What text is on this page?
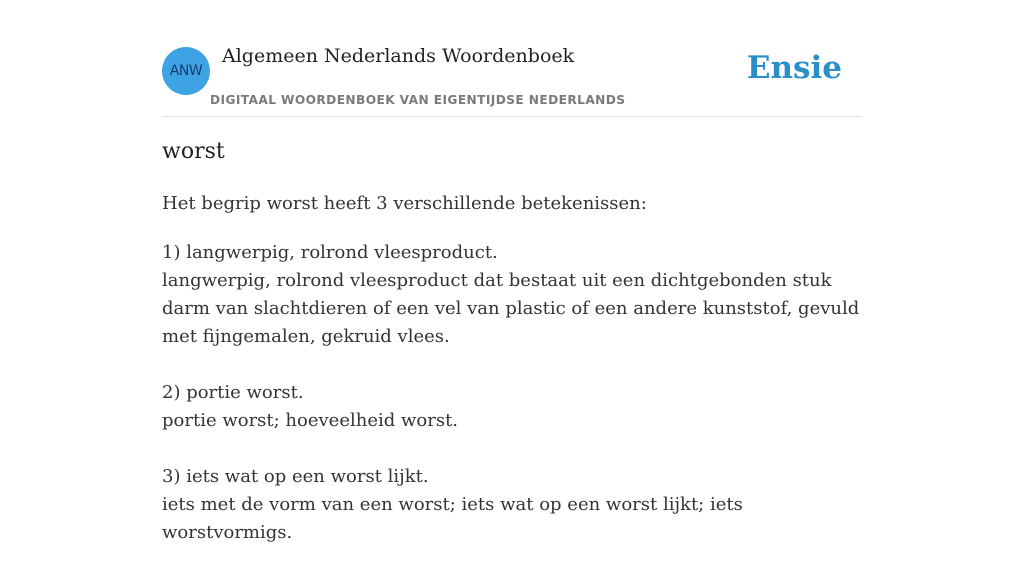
ANW
Algemeen Nederlands Woordenboek
DIGITAAL WOORDENBOEK VAN EIGENTIJDSE NEDERLANDS
Ensie
worst

Het begrip worst heeft 3 verschillende betekenissen:

1) langwerpig, rolrond vleesproduct.

langwerpig, rolrond vleesproduct dat bestaat uit een dichtgebonden stuk darm van slachtdieren of een vel van plastic of een andere kunststof, gevuld met fijngemalen, gekruid vlees.

2) portie worst.

portie worst; hoeveelheid worst.

3) iets wat op een worst lijkt.

iets met de vorm van een worst; iets wat op een worst lijkt; iets worstvormigs.
